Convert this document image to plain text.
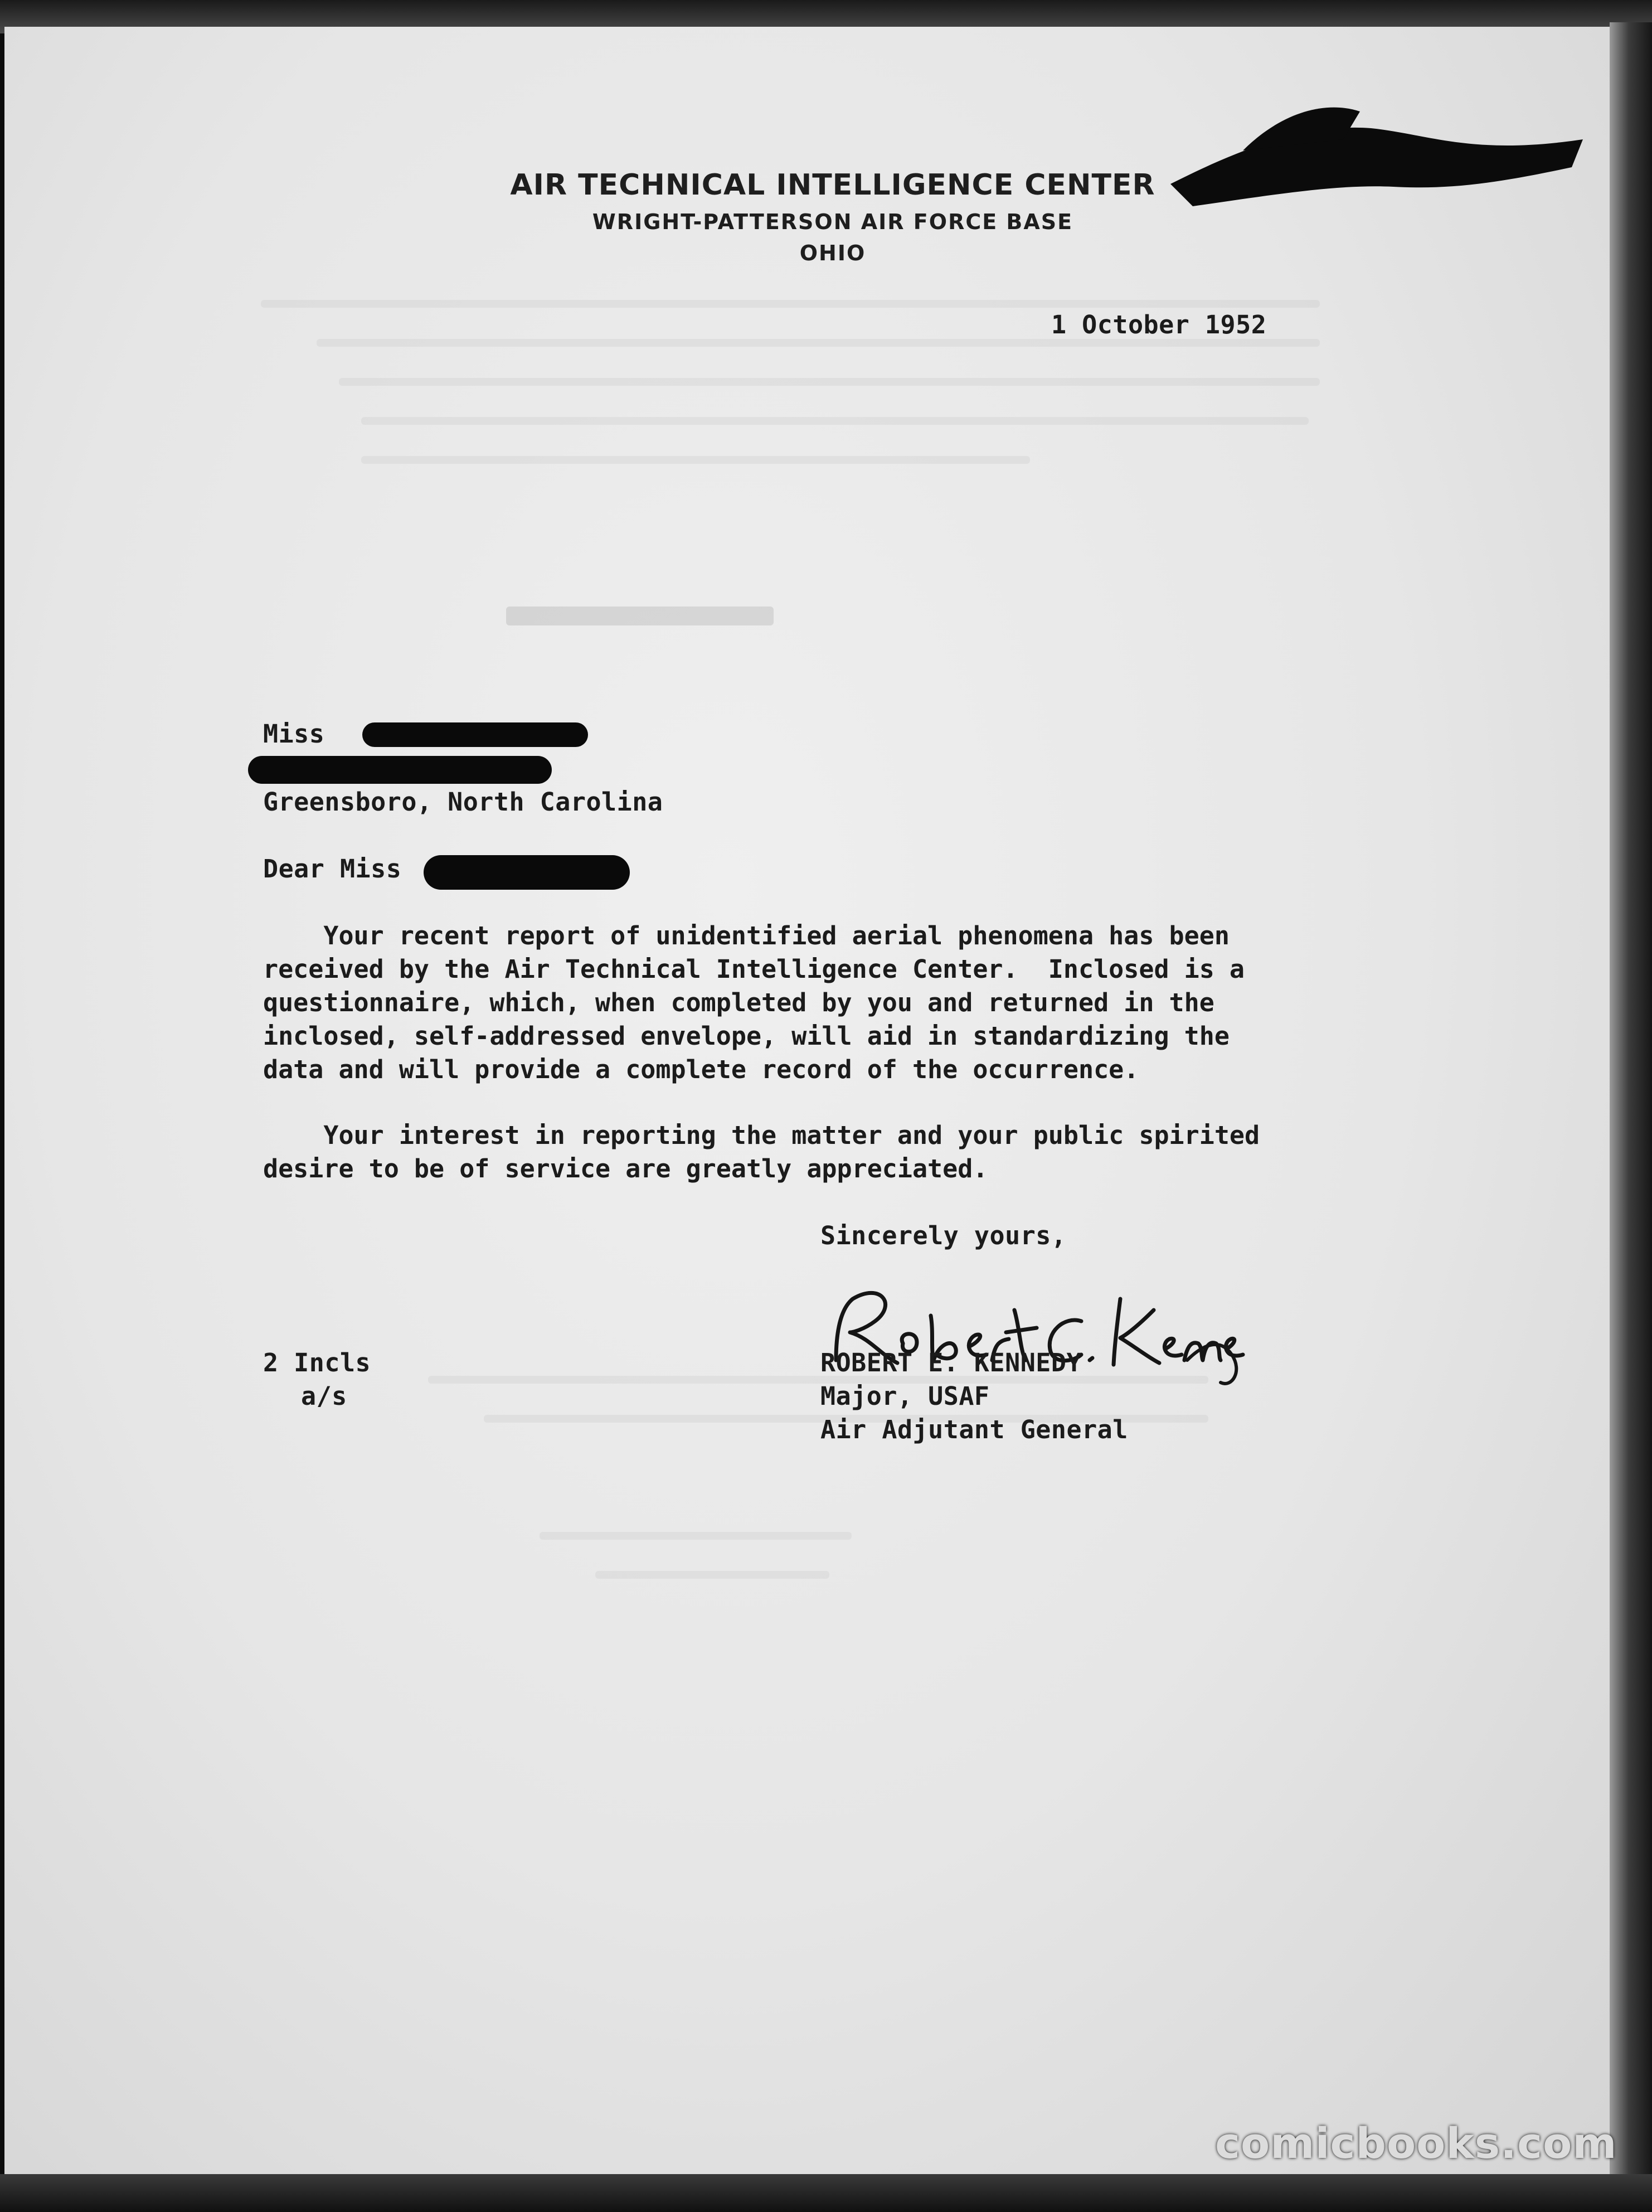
AIR TECHNICAL INTELLIGENCE CENTER
WRIGHT-PATTERSON AIR FORCE BASE
OHIO
1 October 1952
Miss
Greensboro, North Carolina
Dear Miss
Your recent report of unidentified aerial phenomena has been
received by the Air Technical Intelligence Center.  Inclosed is a
questionnaire, which, when completed by you and returned in the
inclosed, self-addressed envelope, will aid in standardizing the
data and will provide a complete record of the occurrence.
Your interest in reporting the matter and your public spirited
desire to be of service are greatly appreciated.
Sincerely yours,
ROBERT E. KENNEDY
Major, USAF
Air Adjutant General
2 Incls
a/s
comicbooks.com
